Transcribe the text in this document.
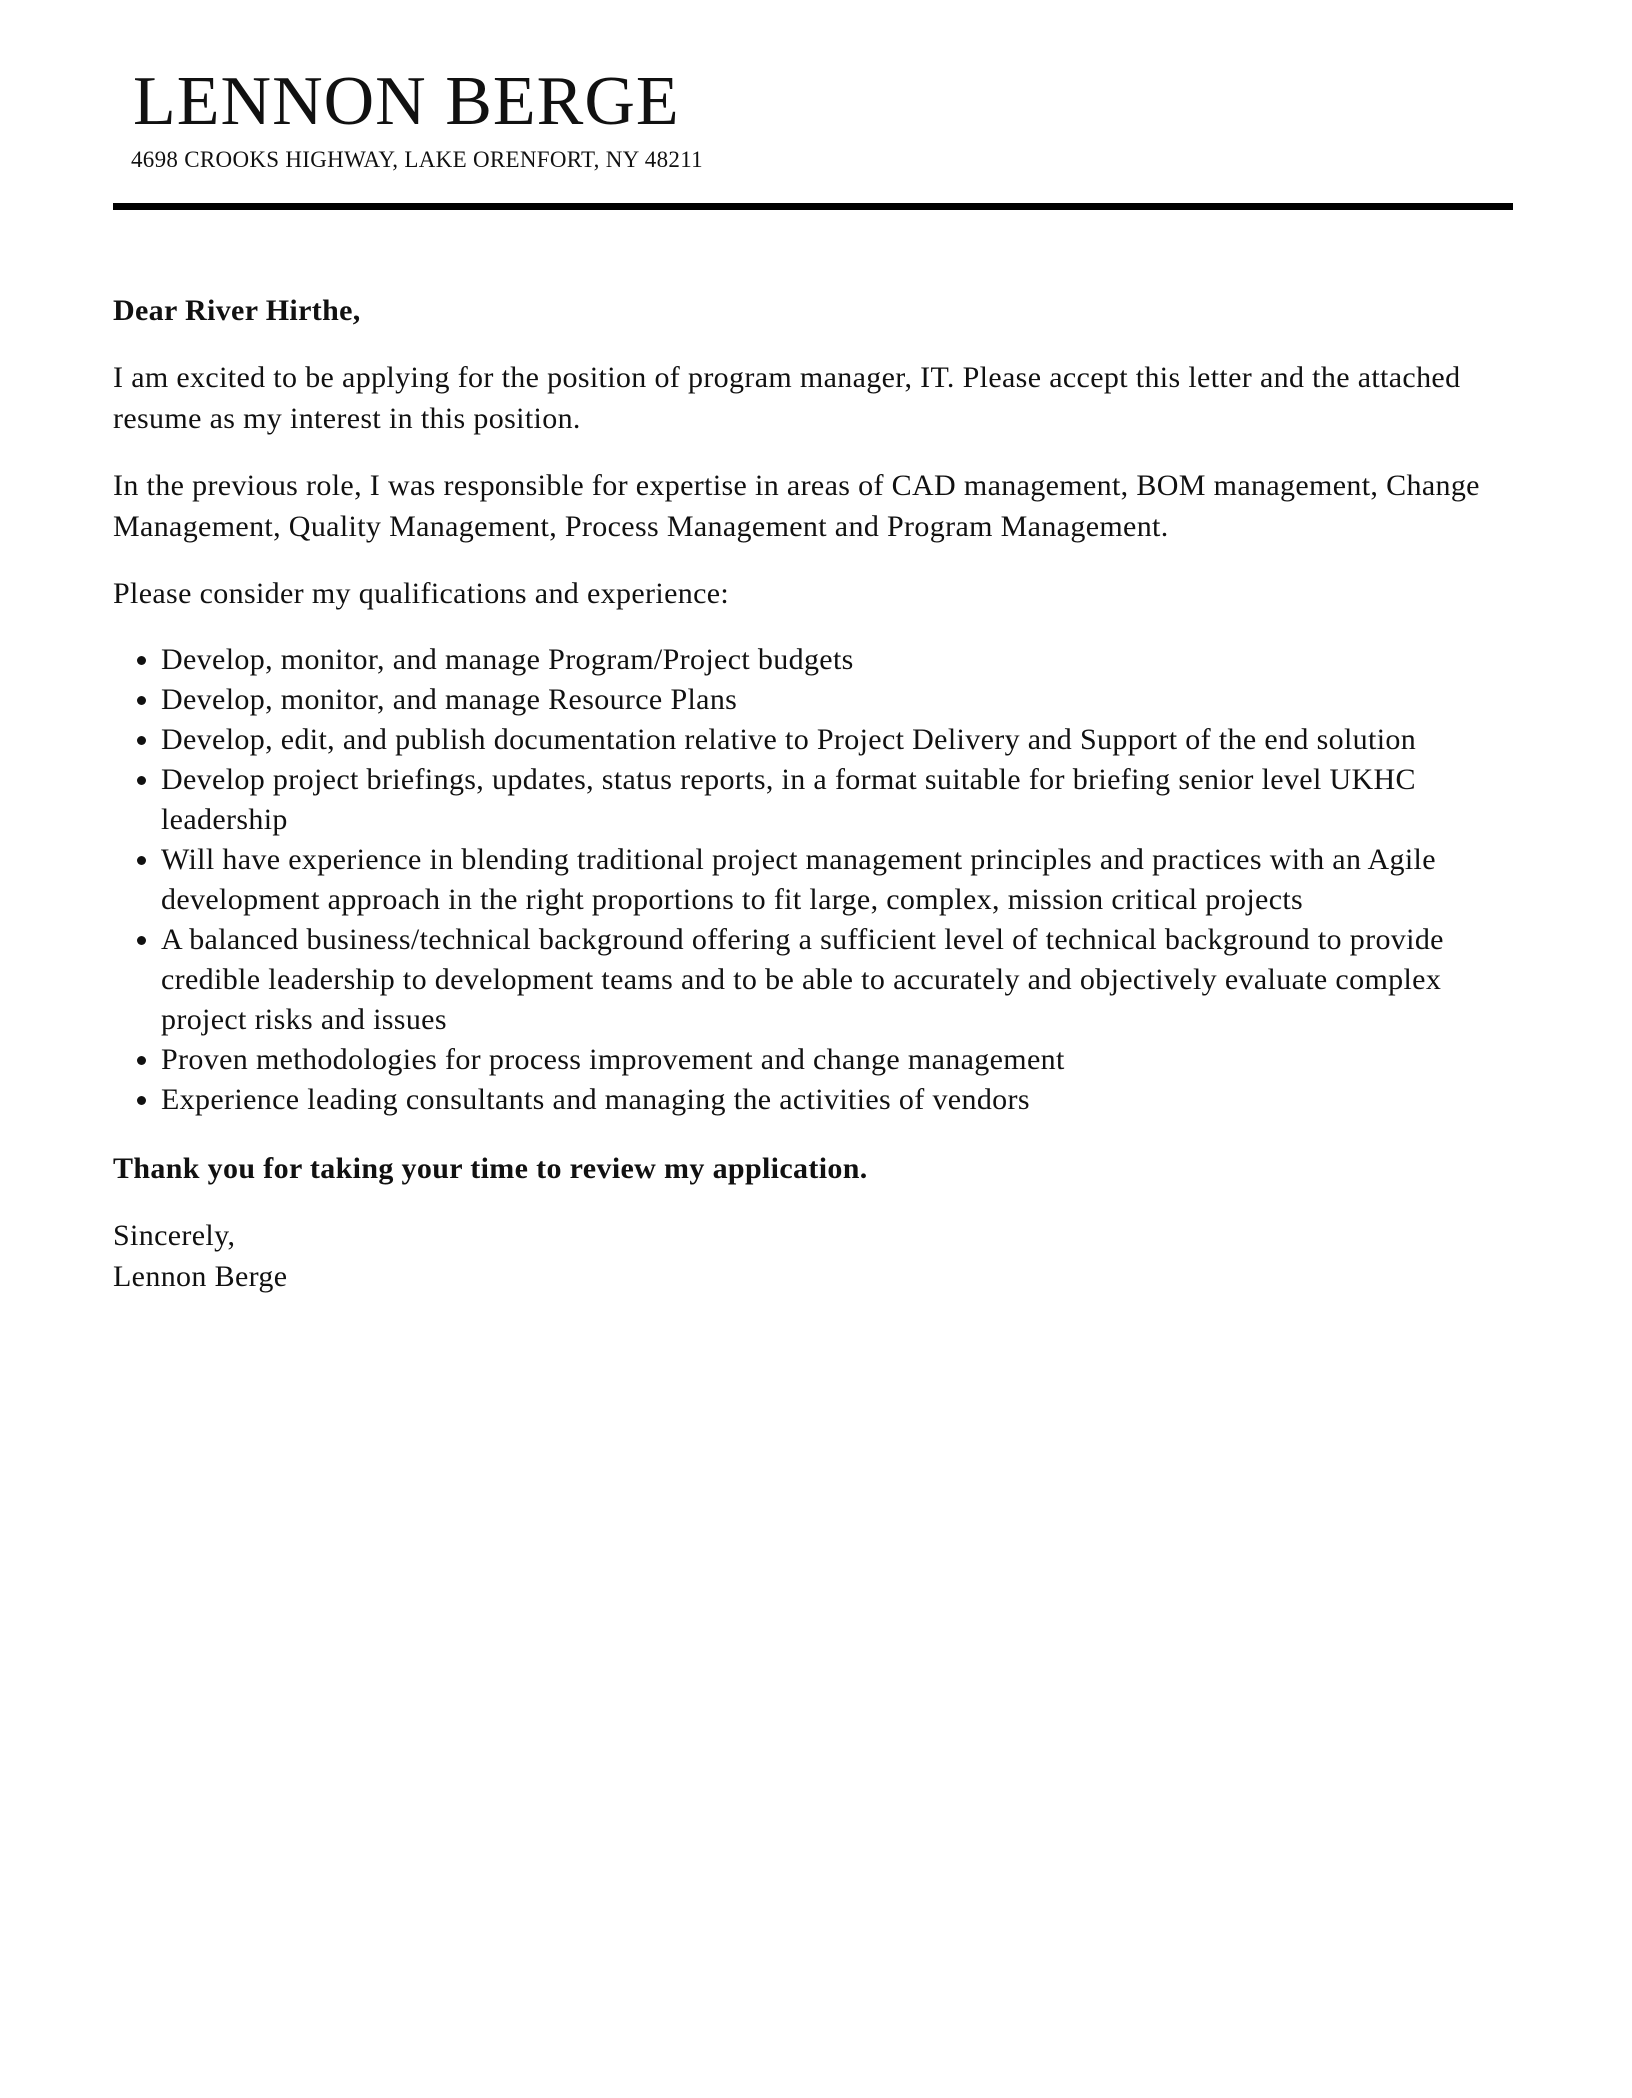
LENNON BERGE
4698 CROOKS HIGHWAY, LAKE ORENFORT, NY 48211

Dear River Hirthe,

I am excited to be applying for the position of program manager, IT. Please accept this letter and the attached resume as my interest in this position.

In the previous role, I was responsible for expertise in areas of CAD management, BOM management, Change Management, Quality Management, Process Management and Program Management.

Please consider my qualifications and experience:

• Develop, monitor, and manage Program/Project budgets
• Develop, monitor, and manage Resource Plans
• Develop, edit, and publish documentation relative to Project Delivery and Support of the end solution
• Develop project briefings, updates, status reports, in a format suitable for briefing senior level UKHC leadership
• Will have experience in blending traditional project management principles and practices with an Agile development approach in the right proportions to fit large, complex, mission critical projects
• A balanced business/technical background offering a sufficient level of technical background to provide credible leadership to development teams and to be able to accurately and objectively evaluate complex project risks and issues
• Proven methodologies for process improvement and change management
• Experience leading consultants and managing the activities of vendors

Thank you for taking your time to review my application.

Sincerely,
Lennon Berge
